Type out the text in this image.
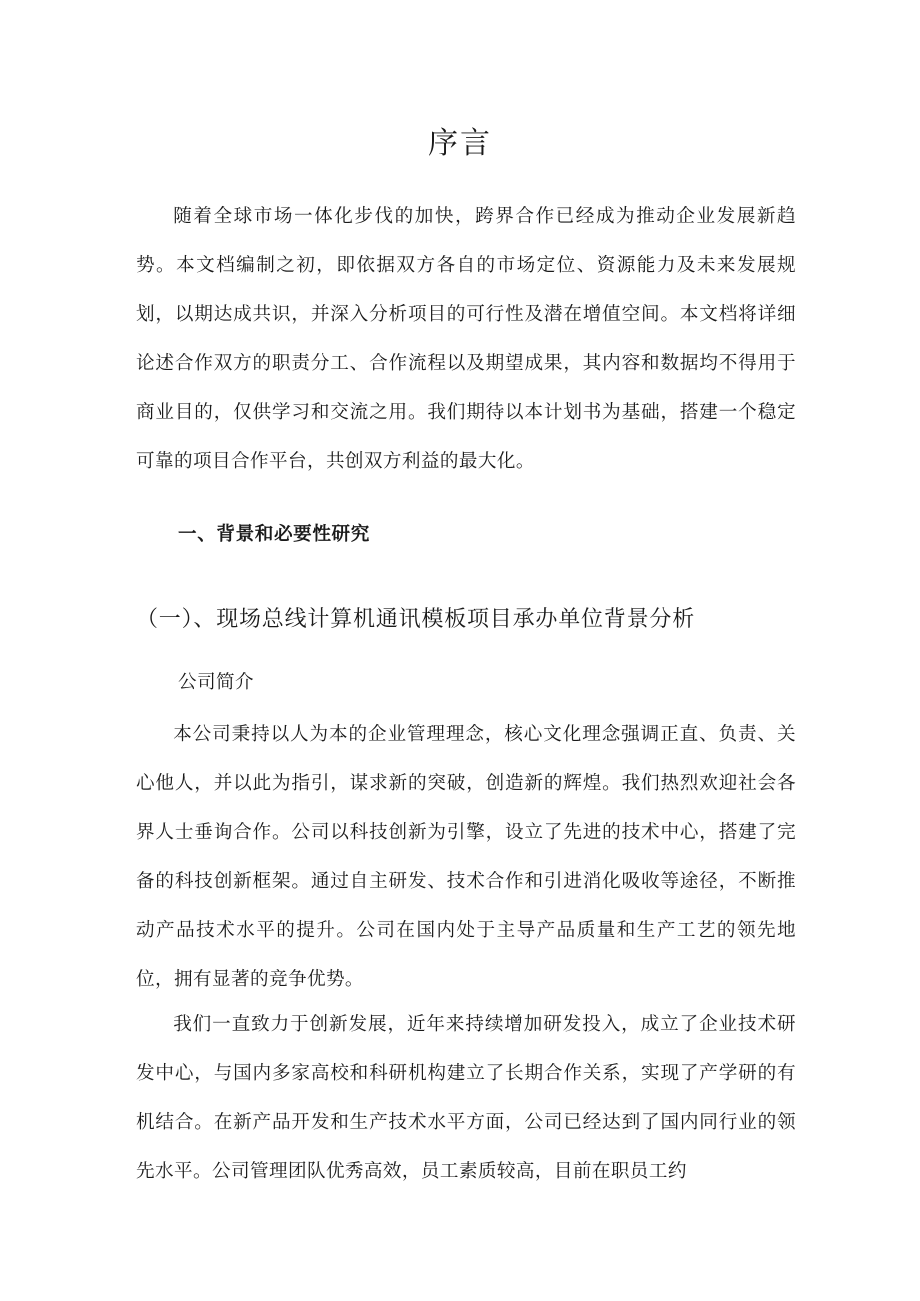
序言

随着全球市场一体化步伐的加快，跨界合作已经成为推动企业发展新趋势。本文档编制之初，即依据双方各自的市场定位、资源能力及未来发展规划，以期达成共识，并深入分析项目的可行性及潜在增值空间。本文档将详细论述合作双方的职责分工、合作流程以及期望成果，其内容和数据均不得用于商业目的，仅供学习和交流之用。我们期待以本计划书为基础，搭建一个稳定可靠的项目合作平台，共创双方利益的最大化。

一、背景和必要性研究
（一）、现场总线计算机通讯模板项目承办单位背景分析
公司简介

本公司秉持以人为本的企业管理理念，核心文化理念强调正直、负责、关心他人，并以此为指引，谋求新的突破，创造新的辉煌。我们热烈欢迎社会各界人士垂询合作。公司以科技创新为引擎，设立了先进的技术中心，搭建了完备的科技创新框架。通过自主研发、技术合作和引进消化吸收等途径，不断推动产品技术水平的提升。公司在国内处于主导产品质量和生产工艺的领先地位，拥有显著的竞争优势。

我们一直致力于创新发展，近年来持续增加研发投入，成立了企业技术研发中心，与国内多家高校和科研机构建立了长期合作关系，实现了产学研的有机结合。在新产品开发和生产技术水平方面，公司已经达到了国内同行业的领先水平。公司管理团队优秀高效，员工素质较高，目前在职员工约
